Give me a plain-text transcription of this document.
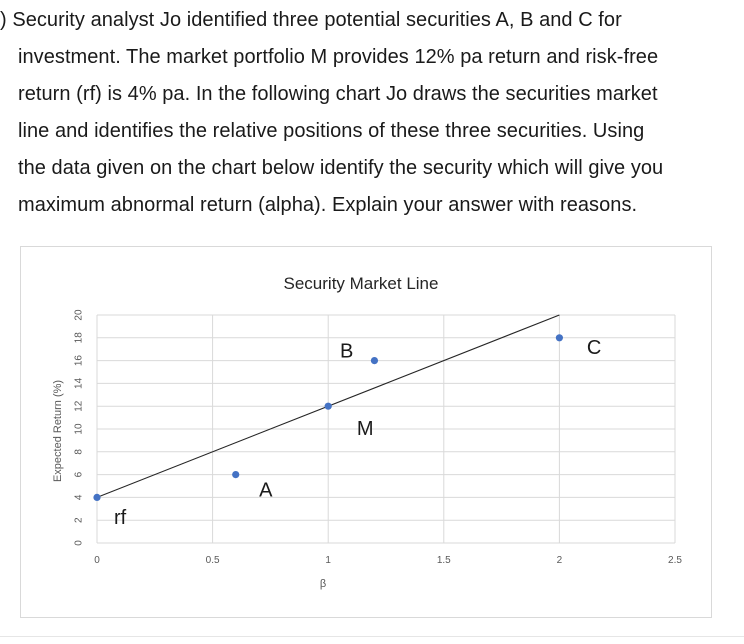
) Security analyst Jo identified three potential securities A, B and C for
investment. The market portfolio M provides 12% pa return and risk-free
return (rf) is 4% pa. In the following chart Jo draws the securities market
line and identifies the relative positions of these three securities. Using
the data given on the chart below identify the security which will give you
maximum abnormal return (alpha). Explain your answer with reasons.
0
2
4
6
8
10
12
14
16
18
20
0	0.5	1	1.5	2	2.5
rf
A
B
M
C
Security Market Line
β
Expected Return (%)
